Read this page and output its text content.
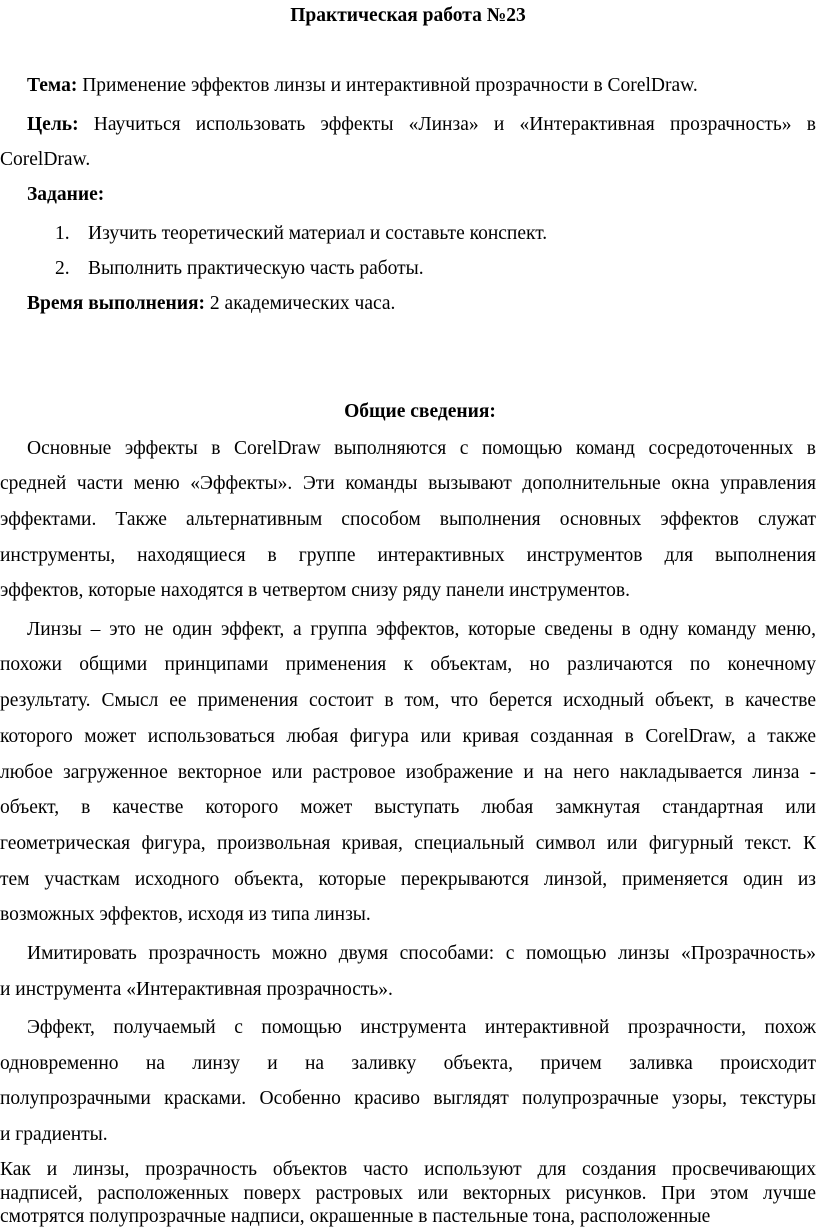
Практическая работа №23
Тема: Применение эффектов линзы и интерактивной прозрачности в CorelDraw.
Цель: Научиться использовать эффекты «Линза» и «Интерактивная прозрачность» в
CorelDraw.
Задание:
1. Изучить теоретический материал и составьте конспект.
2. Выполнить практическую часть работы.
Время выполнения: 2 академических часа.
Общие сведения:
Основные эффекты в CorelDraw выполняются с помощью команд сосредоточенных в
средней части меню «Эффекты». Эти команды вызывают дополнительные окна управления
эффектами. Также альтернативным способом выполнения основных эффектов служат
инструменты, находящиеся в группе интерактивных инструментов для выполнения
эффектов, которые находятся в четвертом снизу ряду панели инструментов.
Линзы – это не один эффект, а группа эффектов, которые сведены в одну команду меню,
похожи общими принципами применения к объектам, но различаются по конечному
результату. Смысл ее применения состоит в том, что берется исходный объект, в качестве
которого может использоваться любая фигура или кривая созданная в CorelDraw, а также
любое загруженное векторное или растровое изображение и на него накладывается линза -
объект, в качестве которого может выступать любая замкнутая стандартная или
геометрическая фигура, произвольная кривая, специальный символ или фигурный текст. К
тем участкам исходного объекта, которые перекрываются линзой, применяется один из
возможных эффектов, исходя из типа линзы.
Имитировать прозрачность можно двумя способами: с помощью линзы «Прозрачность»
и инструмента «Интерактивная прозрачность».
Эффект, получаемый с помощью инструмента интерактивной прозрачности, похож
одновременно на линзу и на заливку объекта, причем заливка происходит
полупрозрачными красками. Особенно красиво выглядят полупрозрачные узоры, текстуры
и градиенты.
Как и линзы, прозрачность объектов часто используют для создания просвечивающих
надписей, расположенных поверх растровых или векторных рисунков. При этом лучше
смотрятся полупрозрачные надписи, окрашенные в пастельные тона, расположенные
